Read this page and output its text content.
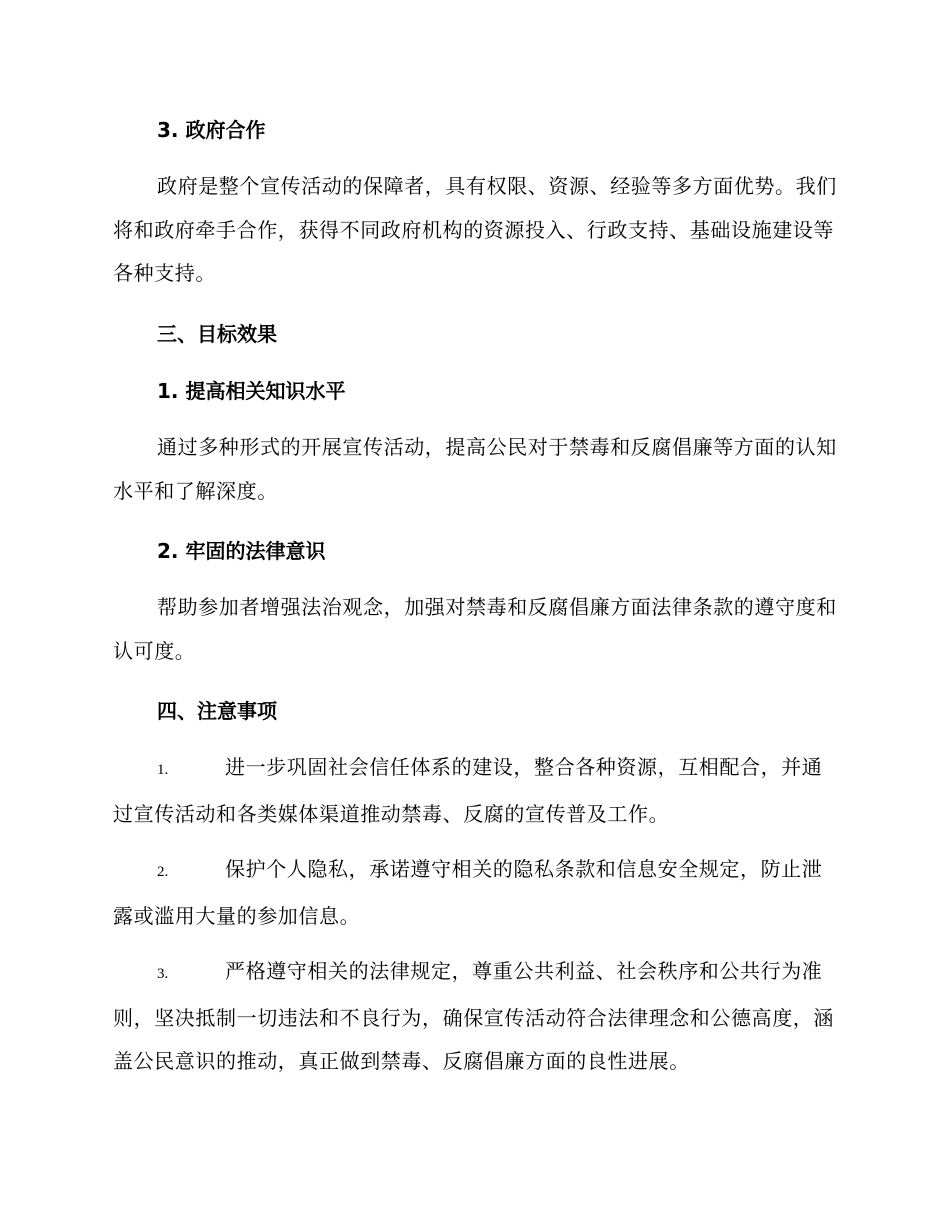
3. 政府合作

政府是整个宣传活动的保障者，具有权限、资源、经验等多方面优势。我们将和政府牵手合作，获得不同政府机构的资源投入、行政支持、基础设施建设等各种支持。

三、目标效果
1. 提高相关知识水平

通过多种形式的开展宣传活动，提高公民对于禁毒和反腐倡廉等方面的认知水平和了解深度。

2. 牢固的法律意识

帮助参加者增强法治观念，加强对禁毒和反腐倡廉方面法律条款的遵守度和认可度。

四、注意事项

1.	进一步巩固社会信任体系的建设，整合各种资源，互相配合，并通过宣传活动和各类媒体渠道推动禁毒、反腐的宣传普及工作。

2.	保护个人隐私，承诺遵守相关的隐私条款和信息安全规定，防止泄露或滥用大量的参加信息。

3.	严格遵守相关的法律规定，尊重公共利益、社会秩序和公共行为准则，坚决抵制一切违法和不良行为，确保宣传活动符合法律理念和公德高度，涵盖公民意识的推动，真正做到禁毒、反腐倡廉方面的良性进展。
